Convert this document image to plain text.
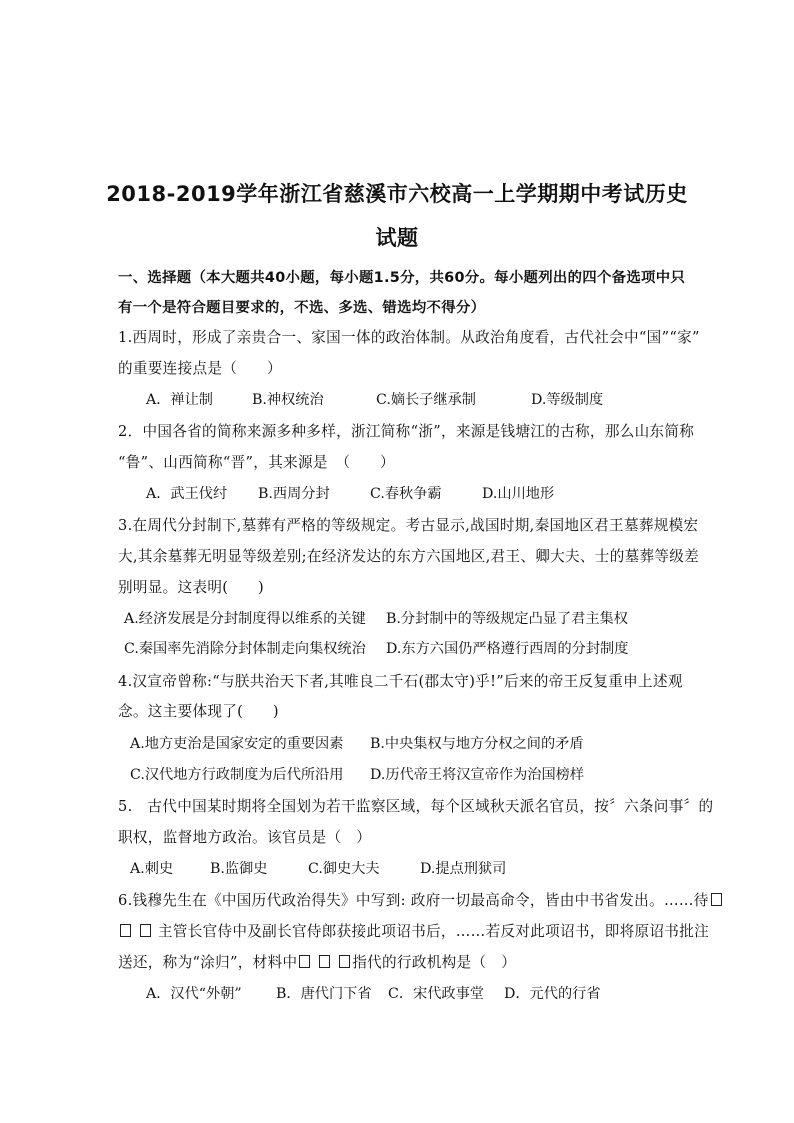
2018-2019学年浙江省慈溪市六校高一上学期期中考试历史
试题
一、选择题（本大题共40小题，每小题1.5分，共60分。每小题列出的四个备选项中只
有一个是符合题目要求的，不选、多选、错选均不得分）
1.西周时，形成了亲贵合一、家国一体的政治体制。从政治角度看，古代社会中“国”“家”
的重要连接点是（　　）
A．禅让制	B.神权统治	C.嫡长子继承制	D.等级制度
2．中国各省的简称来源多种多样，浙江简称“浙”，来源是钱塘江的古称，那么山东简称
“鲁”、山西简称“晋”，其来源是　（　　）
A．武王伐纣 B.西周分封	C.春秋争霸	D.山川地形
3.在周代分封制下,墓葬有严格的等级规定。考古显示,战国时期,秦国地区君王墓葬规模宏
大,其余墓葬无明显等级差别;在经济发达的东方六国地区,君王、卿大夫、士的墓葬等级差
别明显。这表明(　　)
A.经济发展是分封制度得以维系的关键 B.分封制中的等级规定凸显了君主集权
C.秦国率先消除分封体制走向集权统治 D.东方六国仍严格遵行西周的分封制度
4.汉宣帝曾称:“与朕共治天下者,其唯良二千石(郡太守)乎!”后来的帝王反复重申上述观
念。这主要体现了(　　)
A.地方吏治是国家安定的重要因素 B.中央集权与地方分权之间的矛盾
C.汉代地方行政制度为后代所沿用 D.历代帝王将汉宣帝作为治国榜样
5.　古代中国某时期将全国划为若干监察区域，每个区域秋天派名官员，按〞六条问事〞的
职权，监督地方政治。该官员是（　）
A.刺史	B.监御史	C.御史大夫	D.提点刑狱司
6.钱穆先生在《中国历代政治得失》中写到: 政府一切最高命令，皆由中书省发出。……待
主管长官侍中及副长官侍郎获接此项诏书后，……若反对此项诏书，即将原诏书批注
送还，称为“涂归”，材料中	指代的行政机构是（　）
A．汉代“外朝” B．唐代门下省 C．宋代政事堂 D．元代的行省
